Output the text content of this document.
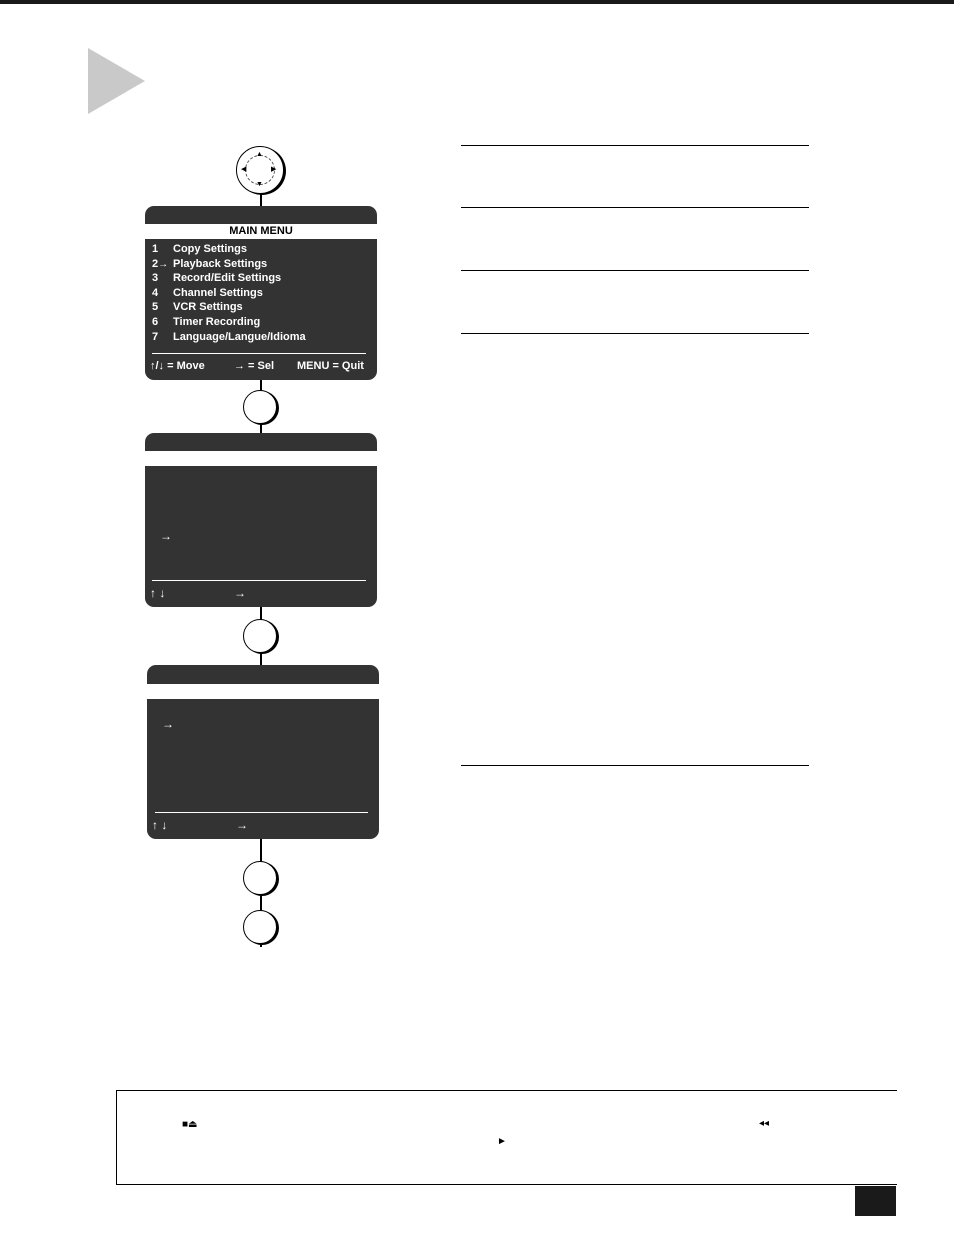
▲
▼
◀	▶
MAIN MENU
1 Copy Settings
2→ Playback Settings
3 Record/Edit Settings
4 Channel Settings
5 VCR Settings
6 Timer Recording
7 Language/Langue/Idioma
↑/↓ = Move	→ = Sel MENU = Quit
→
↑ ↓	→
→
↑ ↓	→
■⏏
►
◂◂
